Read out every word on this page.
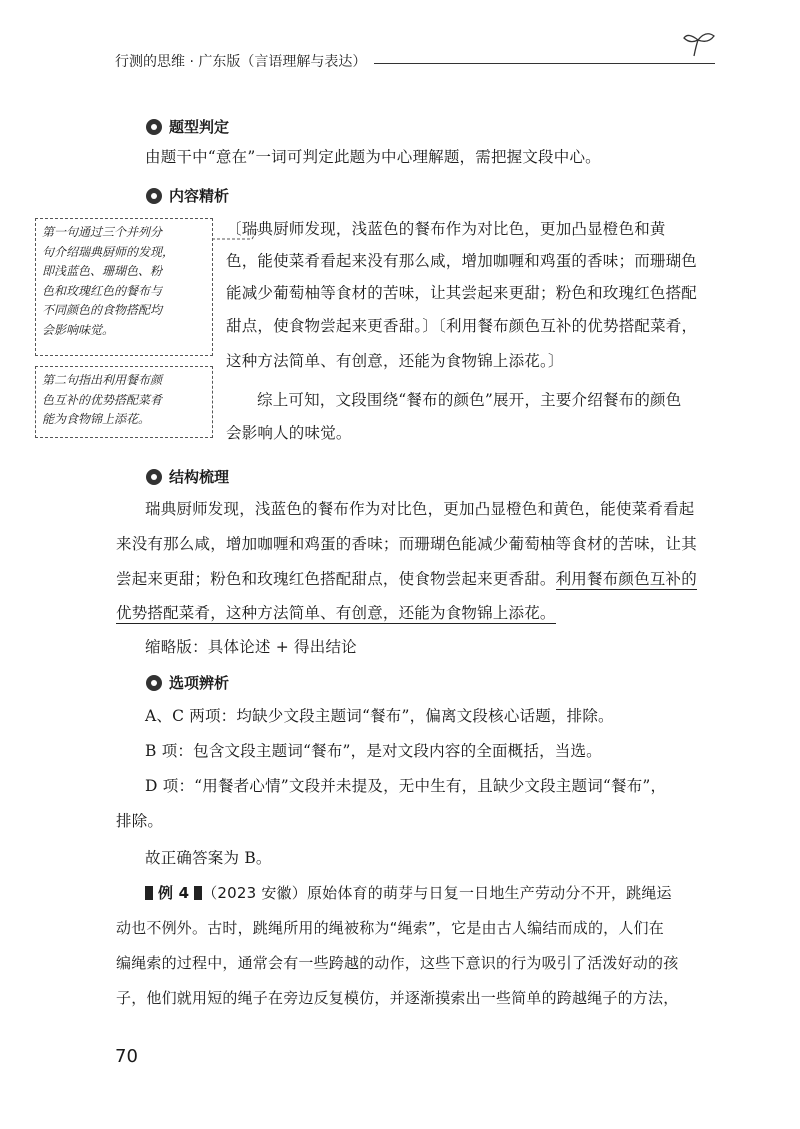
行测的思维 · 广东版（言语理解与表达）
题型判定
由题干中“意在”一词可判定此题为中心理解题，需把握文段中心。
内容精析
第一句通过三个并列分
句介绍瑞典厨师的发现，
即浅蓝色、珊瑚色、粉
色和玫瑰红色的餐布与
不同颜色的食物搭配均
会影响味觉。
第二句指出利用餐布颜
色互补的优势搭配菜肴
能为食物锦上添花。
〔瑞典厨师发现，浅蓝色的餐布作为对比色，更加凸显橙色和黄
色，能使菜肴看起来没有那么咸，增加咖喱和鸡蛋的香味；而珊瑚色
能减少葡萄柚等食材的苦味，让其尝起来更甜；粉色和玫瑰红色搭配
甜点，使食物尝起来更香甜。〕〔利用餐布颜色互补的优势搭配菜肴，
这种方法简单、有创意，还能为食物锦上添花。〕
综上可知，文段围绕“餐布的颜色”展开，主要介绍餐布的颜色
会影响人的味觉。
结构梳理
瑞典厨师发现，浅蓝色的餐布作为对比色，更加凸显橙色和黄色，能使菜肴看起
来没有那么咸，增加咖喱和鸡蛋的香味；而珊瑚色能减少葡萄柚等食材的苦味，让其
尝起来更甜；粉色和玫瑰红色搭配甜点，使食物尝起来更香甜。利用餐布颜色互补的
优势搭配菜肴，这种方法简单、有创意，还能为食物锦上添花。
缩略版：具体论述 + 得出结论
选项辨析
A、C 两项：均缺少文段主题词“餐布”，偏离文段核心话题，排除。
B 项：包含文段主题词“餐布”，是对文段内容的全面概括，当选。
D 项：“用餐者心情”文段并未提及，无中生有，且缺少文段主题词“餐布”，
排除。
故正确答案为 B。
例 4 （2023 安徽）原始体育的萌芽与日复一日地生产劳动分不开，跳绳运
动也不例外。古时，跳绳所用的绳被称为“绳索”，它是由古人编结而成的，人们在
编绳索的过程中，通常会有一些跨越的动作，这些下意识的行为吸引了活泼好动的孩
子，他们就用短的绳子在旁边反复模仿，并逐渐摸索出一些简单的跨越绳子的方法，
70
